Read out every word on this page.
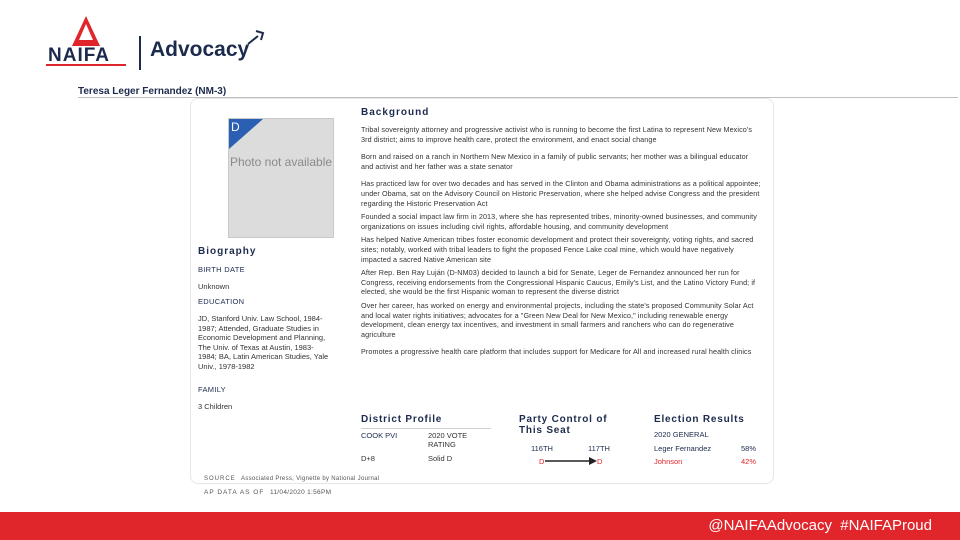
NAIFA Advocacy
Teresa Leger Fernandez (NM-3)
D
Photo not available
Biography
BIRTH DATE
Unknown
EDUCATION
JD, Stanford Univ. Law School, 1984-1987; Attended, Graduate Studies in Economic Development and Planning, The Univ. of Texas at Austin, 1983-1984; BA, Latin American Studies, Yale Univ., 1978-1982
FAMILY
3 Children
Background
Tribal sovereignty attorney and progressive activist who is running to become the first Latina to represent New Mexico's 3rd district; aims to improve health care, protect the environment, and enact social change
Born and raised on a ranch in Northern New Mexico in a family of public servants; her mother was a bilingual educator and activist and her father was a state senator
Has practiced law for over two decades and has served in the Clinton and Obama administrations as a political appointee; under Obama, sat on the Advisory Council on Historic Preservation, where she helped advise Congress and the president regarding the Historic Preservation Act
Founded a social impact law firm in 2013, where she has represented tribes, minority-owned businesses, and community organizations on issues including civil rights, affordable housing, and community development
Has helped Native American tribes foster economic development and protect their sovereignty, voting rights, and sacred sites; notably, worked with tribal leaders to fight the proposed Fence Lake coal mine, which would have negatively impacted a sacred Native American site
After Rep. Ben Ray Luján (D-NM03) decided to launch a bid for Senate, Leger de Fernandez announced her run for Congress, receiving endorsements from the Congressional Hispanic Caucus, Emily's List, and the Latino Victory Fund; if elected, she would be the first Hispanic woman to represent the diverse district
Over her career, has worked on energy and environmental projects, including the state's proposed Community Solar Act and local water rights initiatives; advocates for a "Green New Deal for New Mexico," including renewable energy development, clean energy tax incentives, and investment in small farmers and ranchers who can do regenerative agriculture
Promotes a progressive health care platform that includes support for Medicare for All and increased rural health clinics
District Profile
COOK PVI	2020 VOTE RATING
D+8	Solid D
Party Control of This Seat
116TH	117TH
D	D
Election Results
2020 GENERAL
Leger Fernandez	58%
Johnson	42%
SOURCE Associated Press, Vignette by National Journal
AP DATA AS OF 11/04/2020 1:56PM
@NAIFAAdvocacy  #NAIFAProud
